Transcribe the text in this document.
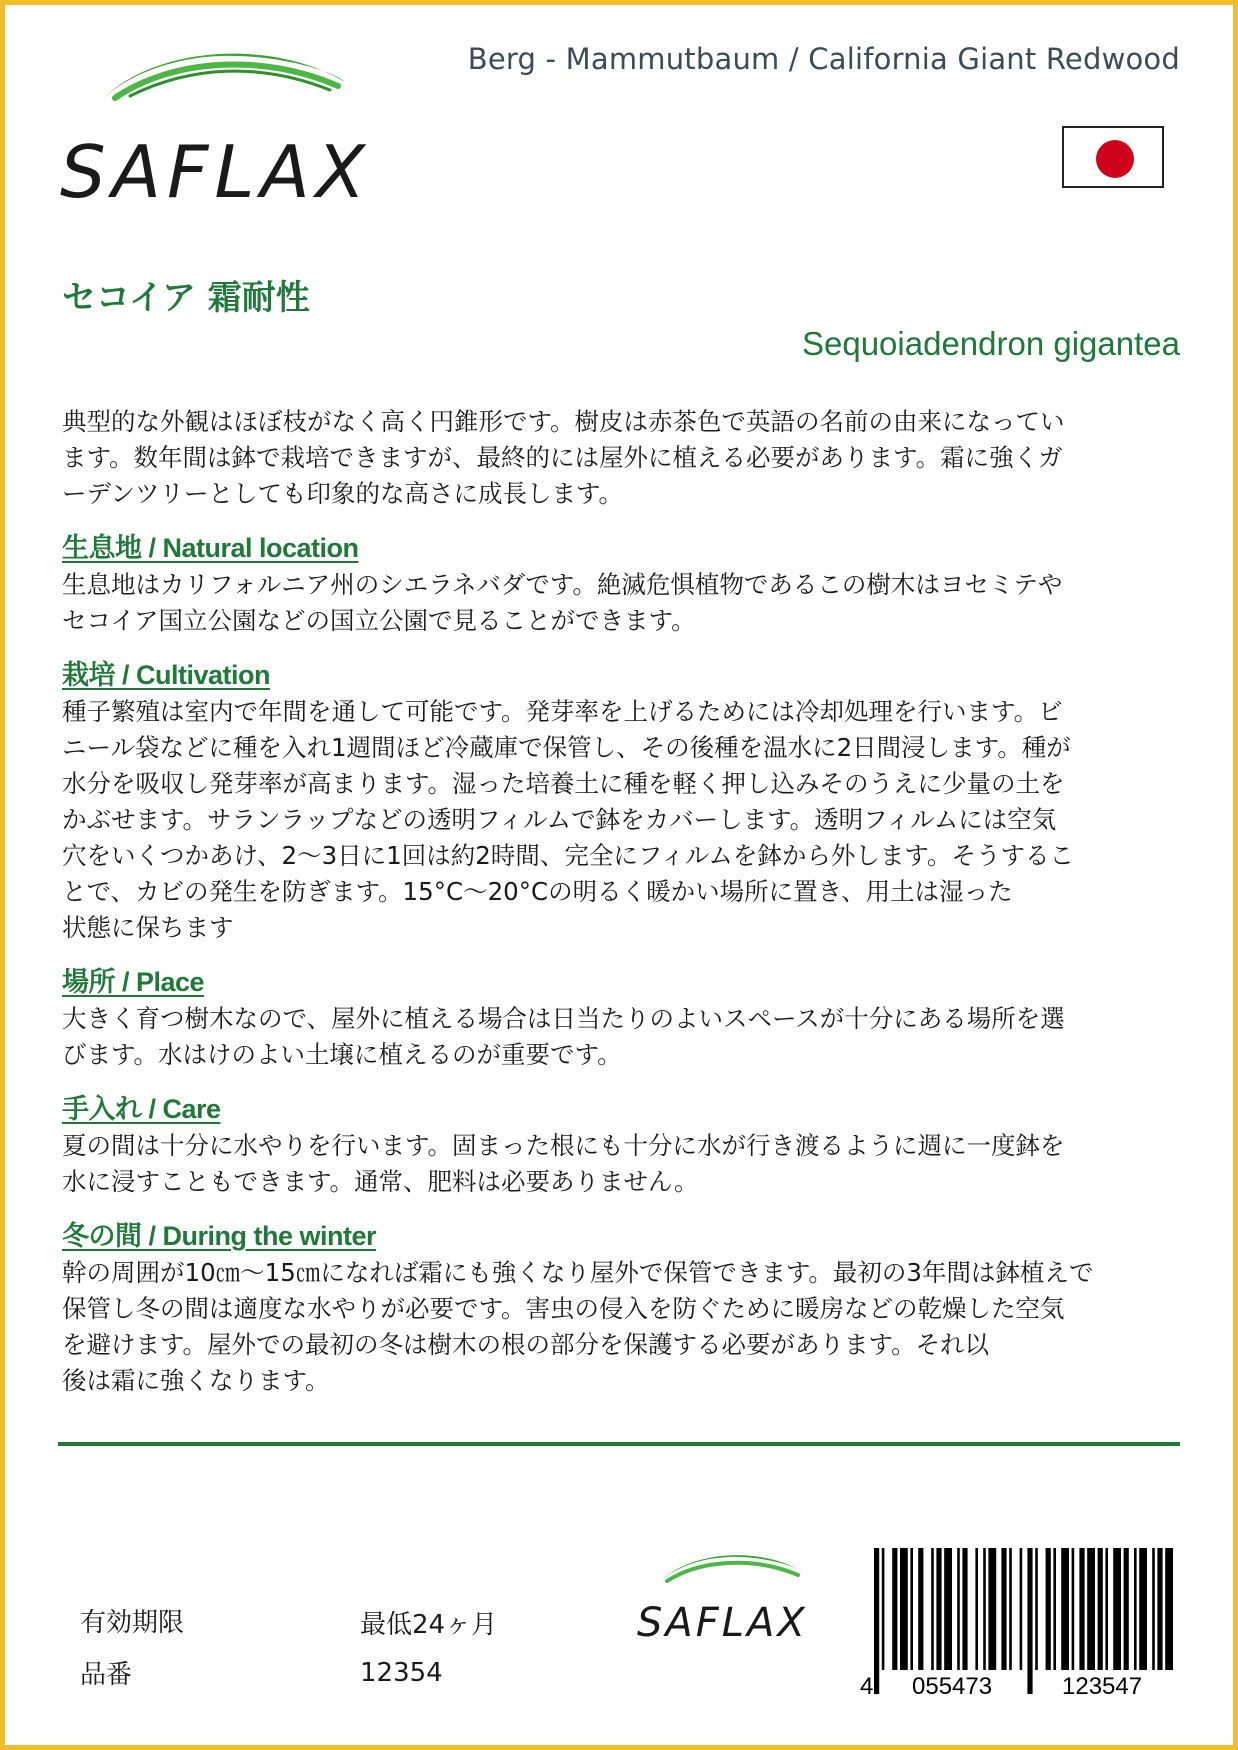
SAFLAX
Berg - Mammutbaum / California Giant Redwood
セコイア 霜耐性
Sequoiadendron gigantea

典型的な外観はほぼ枝がなく高く円錐形です。樹皮は赤茶色で英語の名前の由来になってい
ます。数年間は鉢で栽培できますが、最終的には屋外に植える必要があります。霜に強くガ
ーデンツリーとしても印象的な高さに成長します。

生息地 / Natural location

生息地はカリフォルニア州のシエラネバダです。絶滅危惧植物であるこの樹木はヨセミテや
セコイア国立公園などの国立公園で見ることができます。

栽培 / Cultivation

種子繁殖は室内で年間を通して可能です。発芽率を上げるためには冷却処理を行います。ビ
ニール袋などに種を入れ1週間ほど冷蔵庫で保管し、その後種を温水に2日間浸します。種が
水分を吸収し発芽率が高まります。湿った培養土に種を軽く押し込みそのうえに少量の土を
かぶせます。サランラップなどの透明フィルムで鉢をカバーします。透明フィルムには空気
穴をいくつかあけ、2～3日に1回は約2時間、完全にフィルムを鉢から外します。そうするこ
とで、カビの発生を防ぎます。15°C〜20°Cの明るく暖かい場所に置き、用土は湿った
状態に保ちます

場所 / Place

大きく育つ樹木なので、屋外に植える場合は日当たりのよいスペースが十分にある場所を選
びます。水はけのよい土壌に植えるのが重要です。

手入れ / Care

夏の間は十分に水やりを行います。固まった根にも十分に水が行き渡るように週に一度鉢を
水に浸すこともできます。通常、肥料は必要ありません。

冬の間 / During the winter

幹の周囲が10㎝～15㎝になれば霜にも強くなり屋外で保管できます。最初の3年間は鉢植えで
保管し冬の間は適度な水やりが必要です。害虫の侵入を防ぐために暖房などの乾燥した空気
を避けます。屋外での最初の冬は樹木の根の部分を保護する必要があります。それ以
後は霜に強くなります。

有効期限	最低24ヶ月
品番	12354
SAFLAX
4 055473	123547
